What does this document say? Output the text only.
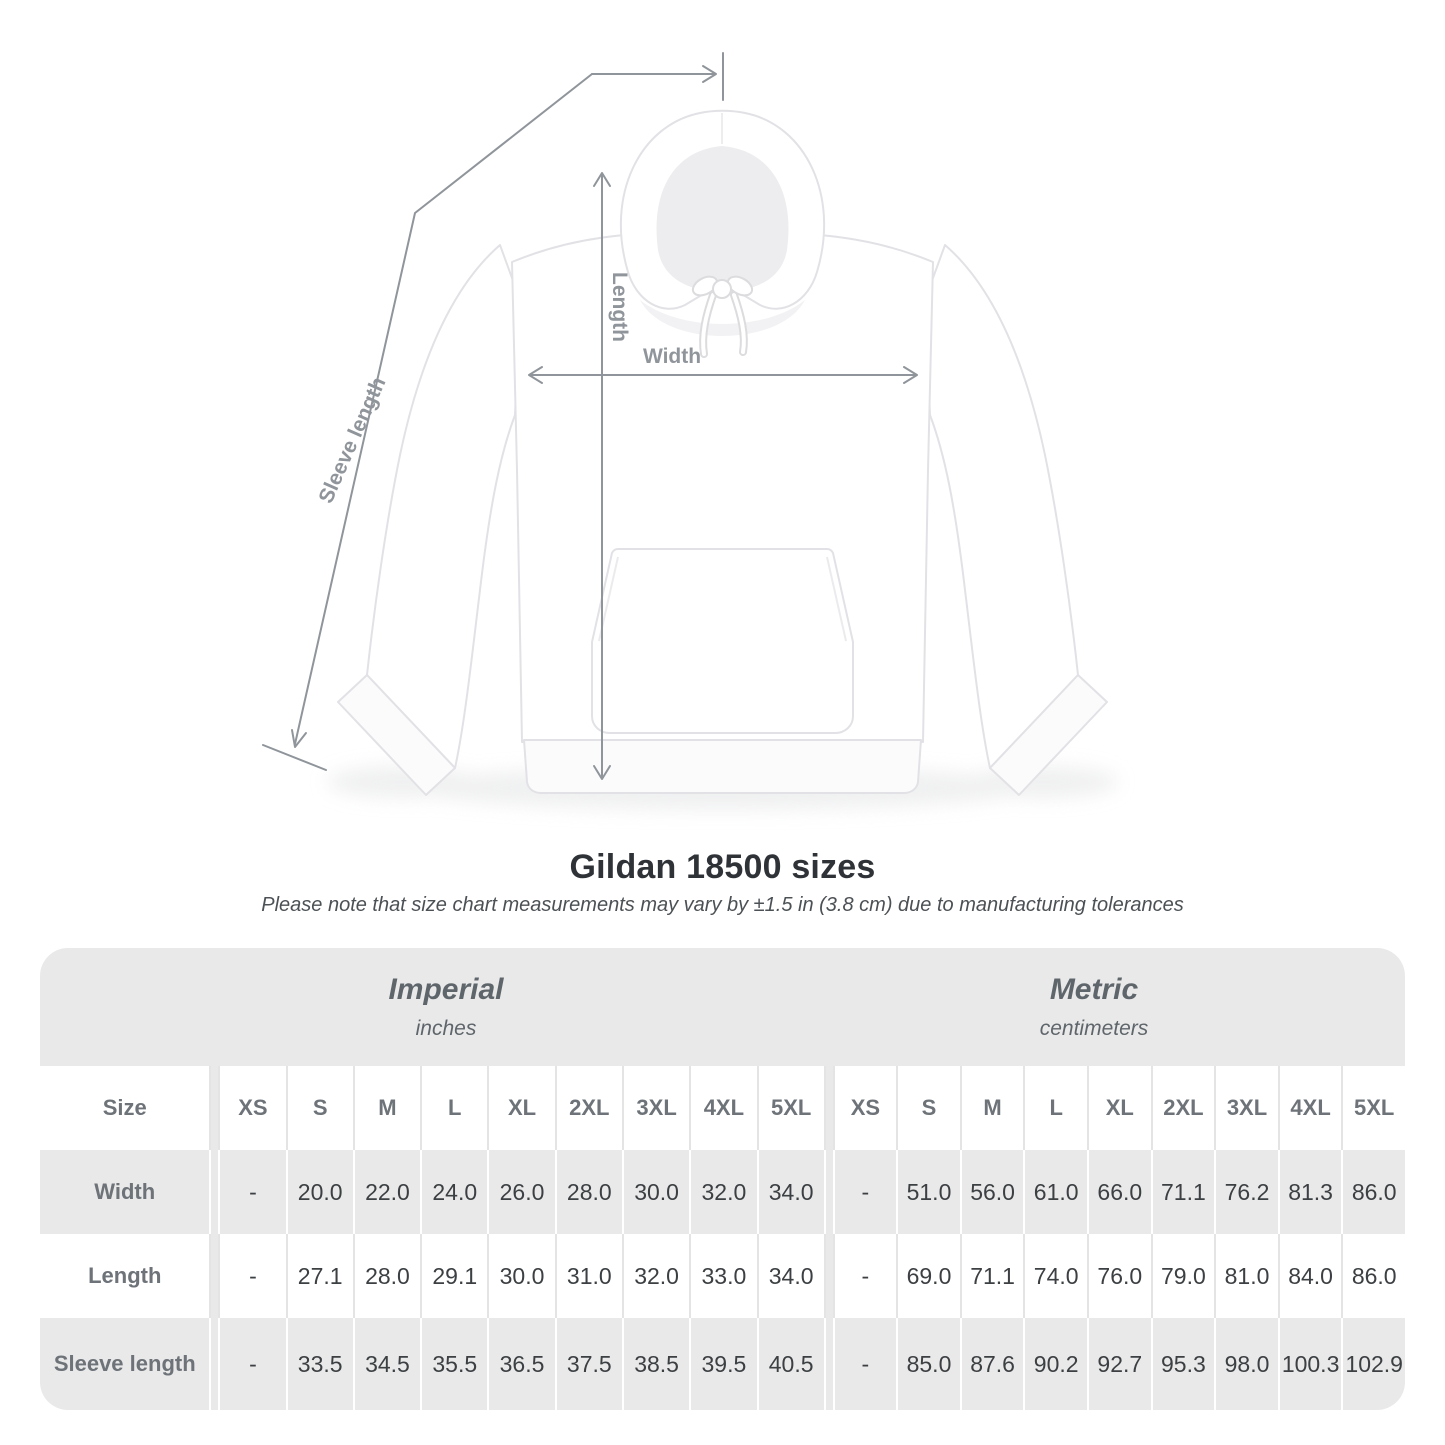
Width
Length
Sleeve length
Gildan 18500 sizes
Please note that size chart measurements may vary by ±1.5 in (3.8 cm) due to manufacturing tolerances
Imperial
inches
Metric
centimeters
Size	XS	S	M	L	XL	2XL	3XL	4XL	5XL	XS	S	M	L	XL	2XL	3XL	4XL	5XL
Width	-	20.0 22.0 24.0 26.0 28.0 30.0 32.0 34.0	-	51.0 56.0 61.0 66.0 71.1 76.2 81.3 86.0
Length	-	27.1 28.0 29.1 30.0 31.0 32.0 33.0 34.0	-	69.0 71.1 74.0 76.0 79.0 81.0 84.0 86.0
Sleeve length	-	33.5 34.5 35.5 36.5 37.5 38.5 39.5 40.5	-	85.0 87.6 90.2 92.7 95.3 98.0 100.3 102.9
